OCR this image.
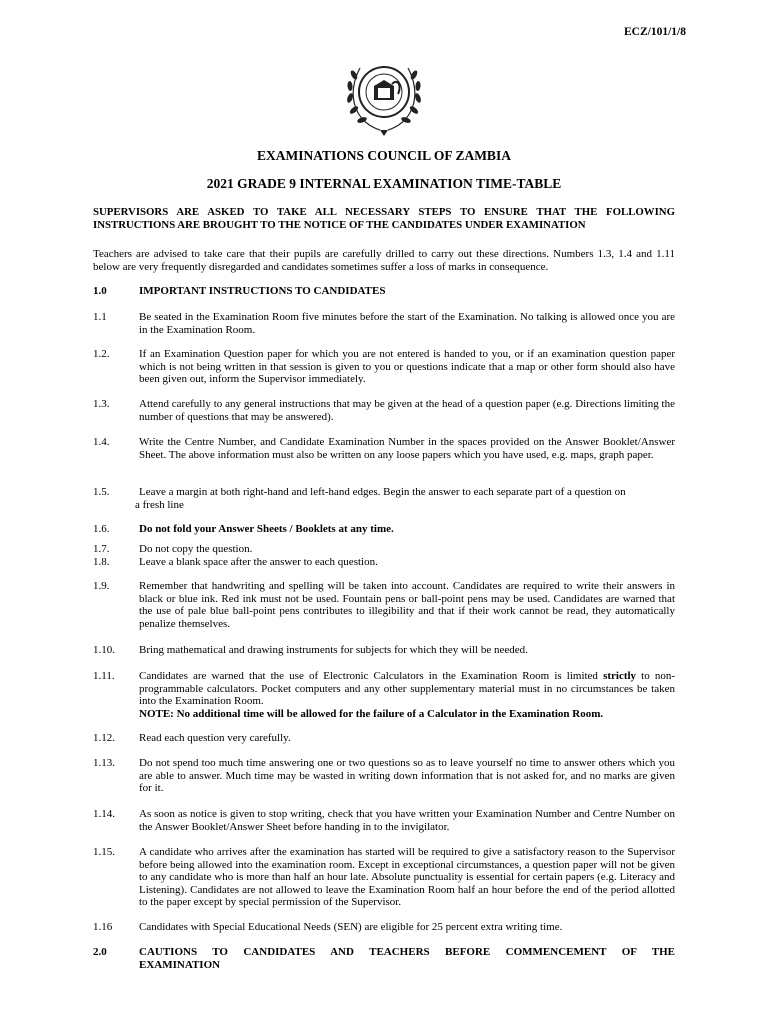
ECZ/101/1/8
EXAMINATIONS COUNCIL OF ZAMBIA
2021 GRADE 9 INTERNAL EXAMINATION TIME-TABLE
SUPERVISORS ARE ASKED TO TAKE ALL NECESSARY STEPS TO ENSURE THAT THE FOLLOWING INSTRUCTIONS ARE BROUGHT TO THE NOTICE OF THE CANDIDATES UNDER EXAMINATION
Teachers are advised to take care that their pupils are carefully drilled to carry out these directions. Numbers 1.3, 1.4 and 1.11 below are very frequently disregarded and candidates sometimes suffer a loss of marks in consequence.
1.0	IMPORTANT INSTRUCTIONS TO CANDIDATES
1.1	Be seated in the Examination Room five minutes before the start of the Examination. No talking is allowed once you are in the Examination Room.
1.2.	If an Examination Question paper for which you are not entered is handed to you, or if an examination question paper which is not being written in that session is given to you or questions indicate that a map or other form should also have been given out, inform the Supervisor immediately.
1.3.	Attend carefully to any general instructions that may be given at the head of a question paper (e.g. Directions limiting the number of questions that may be answered).
1.4.	Write the Centre Number, and Candidate Examination Number in the spaces provided on the Answer Booklet/Answer Sheet. The above information must also be written on any loose papers which you have used, e.g. maps, graph paper.
1.5.	Leave a margin at both right-hand and left-hand edges. Begin the answer to each separate part of a question on
a fresh line
1.6.	Do not fold your Answer Sheets / Booklets at any time.
1.7.	Do not copy the question.
1.8.	Leave a blank space after the answer to each question.
1.9.	Remember that handwriting and spelling will be taken into account. Candidates are required to write their answers in black or blue ink. Red ink must not be used. Fountain pens or ball-point pens may be used. Candidates are warned that the use of pale blue ball-point pens contributes to illegibility and that if their work cannot be read, they automatically penalize themselves.
1.10. Bring mathematical and drawing instruments for subjects for which they will be needed.
1.11. Candidates are warned that the use of Electronic Calculators in the Examination Room is limited strictly to non-programmable calculators. Pocket computers and any other supplementary material must in no circumstances be taken into the Examination Room.
NOTE: No additional time will be allowed for the failure of a Calculator in the Examination Room.
1.12. Read each question very carefully.
1.13. Do not spend too much time answering one or two questions so as to leave yourself no time to answer others which you are able to answer. Much time may be wasted in writing down information that is not asked for, and no marks are given for it.
1.14. As soon as notice is given to stop writing, check that you have written your Examination Number and Centre Number on the Answer Booklet/Answer Sheet before handing in to the invigilator.
1.15. A candidate who arrives after the examination has started will be required to give a satisfactory reason to the Supervisor before being allowed into the examination room. Except in exceptional circumstances, a question paper will not be given to any candidate who is more than half an hour late. Absolute punctuality is essential for certain papers (e.g. Literacy and Listening). Candidates are not allowed to leave the Examination Room half an hour before the end of the period allotted to the paper except by special permission of the Supervisor.
1.16 Candidates with Special Educational Needs (SEN) are eligible for 25 percent extra writing time.
2.0	CAUTIONS TO CANDIDATES AND TEACHERS BEFORE COMMENCEMENT OF THE
EXAMINATION
